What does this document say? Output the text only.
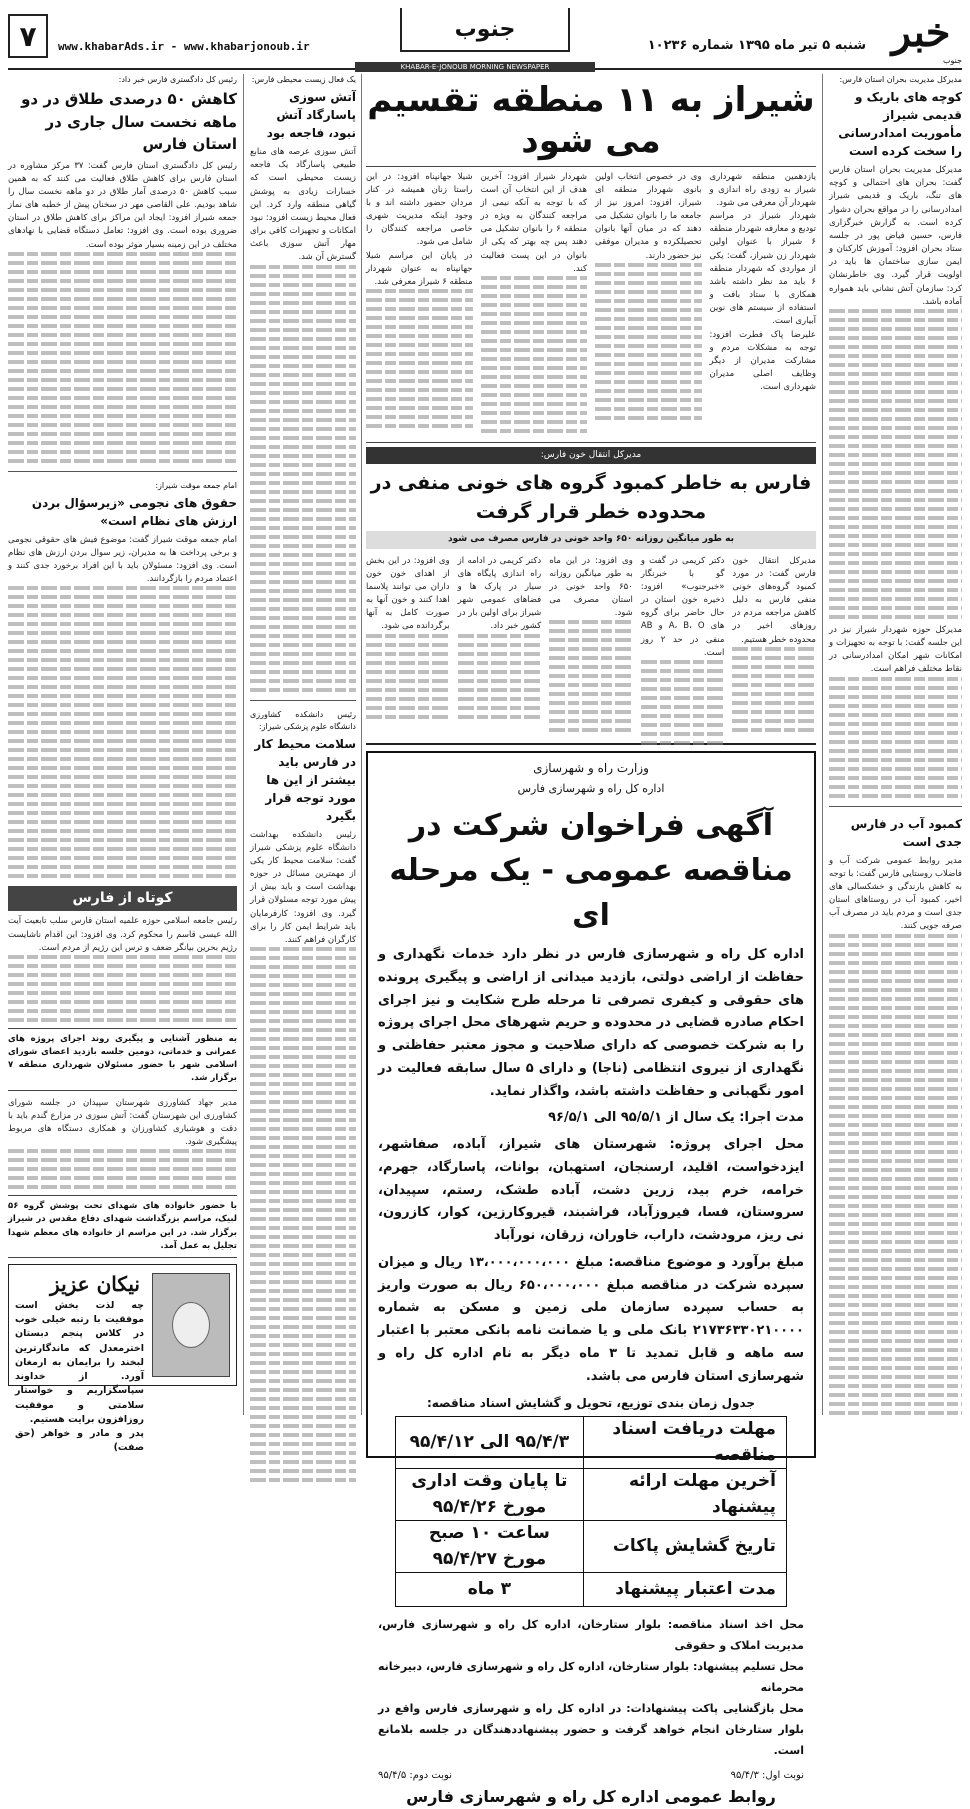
خبر
جنوب
شنبه ۵ تیر ماه ۱۳۹۵ شماره ۱۰۲۳۶
جنوب
www.khabarAds.ir - www.khabarjonoub.ir
۷
KHABAR-E-JONOUB MORNING NEWSPAPER
مدیرکل مدیریت بحران استان فارس:
کوچه های باریک و قدیمی شیراز مأموریت امدادرسانی را سخت کرده است

مدیرکل مدیریت بحران استان فارس گفت: بحران های احتمالی و کوچه های تنگ، باریک و قدیمی شیراز امدادرسانی را در مواقع بحران دشوار کرده است. به گزارش خبرگزاری فارس، حسین فیاض پور در جلسه ستاد بحران افزود: آموزش کارکنان و ایمن سازی ساختمان ها باید در اولویت قرار گیرد. وی خاطرنشان کرد: سازمان آتش نشانی باید همواره آماده باشد.

مدیرکل حوزه شهردار شیراز نیز در این جلسه گفت: با توجه به تجهیزات و امکانات شهر امکان امدادرسانی در نقاط مختلف فراهم است.

کمبود آب در فارس جدی است

مدیر روابط عمومی شرکت آب و فاضلاب روستایی فارس گفت: با توجه به کاهش بارندگی و خشکسالی های اخیر، کمبود آب در روستاهای استان جدی است و مردم باید در مصرف آب صرفه جویی کنند.

شیراز به ۱۱ منطقه تقسیم می شود

یازدهمین منطقه شهرداری شیراز به زودی راه اندازی و شهردار آن معرفی می شود.

شهردار شیراز در مراسم تودیع و معارفه شهردار منطقه ۶ شیراز با عنوان اولین شهردار زن شیراز، گفت: یکی از مواردی که شهردار منطقه ۶ باید مد نظر داشته باشد همکاری با ستاد بافت و استفاده از سیستم های نوین آبیاری است.

علیرضا پاک فطرت افزود: توجه به مشکلات مردم و مشارکت مدیران از دیگر وظایف اصلی مدیران شهرداری است.

وی در خصوص انتخاب اولین بانوی شهردار منطقه ای شیراز، افزود: امروز نیز از جامعه ما را بانوان تشکیل می دهند که در میان آنها بانوان تحصیلکرده و مدیران موفقی نیز حضور دارند.

شهردار شیراز افزود: آخرین هدف از این انتخاب آن است که با توجه به آنکه نیمی از مراجعه کنندگان به ویژه در منطقه ۶ را بانوان تشکیل می دهند پس چه بهتر که یکی از بانوان در این پست فعالیت کند.

شیلا جهانپناه افزود: در این راستا زنان همیشه در کنار مردان حضور داشته اند و با وجود اینکه مدیریت شهری خاصی مراجعه کنندگان را شامل می شود.

در پایان این مراسم شیلا جهانپناه به عنوان شهردار منطقه ۶ شیراز معرفی شد.

مدیرکل انتقال خون فارس:
فارس به خاطر کمبود گروه های خونی منفی در محدوده خطر قرار گرفت
به طور میانگین روزانه ۶۵۰ واحد خونی در فارس مصرف می شود

مدیرکل انتقال خون فارس گفت: در مورد کمبود گروه‌های خونی منفی فارس به دلیل کاهش مراجعه مردم در روزهای اخیر در محدوده خطر هستیم.

دکتر کریمی در گفت و گو با خبرنگار «خبرجنوب» افزود: ذخیره خون استان در حال حاضر برای گروه های A، B، O و AB منفی در حد ۲ روز است.

وی افزود: در این ماه به طور میانگین روزانه ۶۵۰ واحد خونی در استان مصرف می شود.

دکتر کریمی در ادامه از راه اندازی پایگاه های سیار در پارک ها و فضاهای عمومی شهر شیراز برای اولین بار در کشور خبر داد.

وی افزود: در این بخش از اهدای خون خون داران می توانند پلاسما اهدا کنند و خون آنها به صورت کامل به آنها برگردانده می شود.

وزارت راه و شهرسازی
اداره کل راه و شهرسازی فارس
آگهی فراخوان شرکت در مناقصه عمومی - یک مرحله ای

اداره کل راه و شهرسازی فارس در نظر دارد خدمات نگهداری و حفاظت از اراضی دولتی، بازدید میدانی از اراضی و پیگیری پرونده های حقوقی و کیفری تصرفی تا مرحله طرح شکایت و نیز اجرای احکام صادره قضایی در محدوده و حریم شهرهای محل اجرای پروژه را به شرکت خصوصی که دارای صلاحیت و مجوز معتبر حفاظتی و نگهداری از نیروی انتظامی (ناجا) و دارای ۵ سال سابقه فعالیت در امور نگهبانی و حفاظت داشته باشد، واگذار نماید.

مدت اجرا: یک سال از ۹۵/۵/۱ الی ۹۶/۵/۱

محل اجرای پروژه: شهرستان های شیراز، آباده، صفاشهر، ایزدخواست، اقلید، ارسنجان، استهبان، بوانات، پاسارگاد، جهرم، خرامه، خرم بید، زرین دشت، آباده طشک، رستم، سپیدان، سروستان، فسا، فیروزآباد، فراشبند، قیروکارزین، کوار، کازرون، نی ریز، مرودشت، داراب، خاوران، زرقان، نورآباد

مبلغ برآورد و موضوع مناقصه: مبلغ ۱۳،۰۰۰،۰۰۰،۰۰۰ ریال و میزان سپرده شرکت در مناقصه مبلغ ۶۵۰،۰۰۰،۰۰۰ ریال به صورت واریز به حساب سپرده سازمان ملی زمین و مسکن به شماره ۲۱۷۳۶۳۳۰۲۱۰۰۰۰ بانک ملی و یا ضمانت نامه بانکی معتبر با اعتبار سه ماهه و قابل تمدید تا ۳ ماه دیگر به نام اداره کل راه و شهرسازی استان فارس می باشد.

جدول زمان بندی توزیع، تحویل و گشایش اسناد مناقصه:
مهلت دریافت اسناد مناقصه	۹۵/۴/۳ الی ۹۵/۴/۱۲
آخرین مهلت ارائه پیشنهاد	تا پایان وقت اداری مورخ ۹۵/۴/۲۶
تاریخ گشایش پاکات	ساعت ۱۰ صبح مورخ ۹۵/۴/۲۷
مدت اعتبار پیشنهاد	۳ ماه
محل اخذ اسناد مناقصه: بلوار ستارخان، اداره کل راه و شهرسازی فارس، مدیریت املاک و حقوقی
محل تسلیم پیشنهاد: بلوار ستارخان، اداره کل راه و شهرسازی فارس، دبیرخانه محرمانه
محل بازگشایی پاکت پیشنهادات: در اداره کل راه و شهرسازی فارس واقع در بلوار ستارخان انجام خواهد گرفت و حضور پیشنهاددهندگان در جلسه بلامانع است.
نوبت اول: ۹۵/۴/۳
نوبت دوم: ۹۵/۴/۵
روابط عمومی اداره کل راه و شهرسازی فارس
یک فعال زیست محیطی فارس:
آتش سوزی پاسارگاد آتش نبود، فاجعه بود

آتش سوزی عرصه های منابع طبیعی پاسارگاد یک فاجعه زیست محیطی است که خسارات زیادی به پوشش گیاهی منطقه وارد کرد. این فعال محیط زیست افزود: نبود امکانات و تجهیزات کافی برای مهار آتش سوزی باعث گسترش آن شد.

رئیس دانشکده کشاورزی دانشگاه علوم پزشکی شیراز:
سلامت محیط کار در فارس باید بیشتر از این ها مورد توجه قرار بگیرد

رئیس دانشکده بهداشت دانشگاه علوم پزشکی شیراز گفت: سلامت محیط کار یکی از مهمترین مسائل در حوزه بهداشت است و باید بیش از پیش مورد توجه مسئولان قرار گیرد. وی افزود: کارفرمایان باید شرایط ایمن کار را برای کارگران فراهم کنند.

رئیس کل دادگستری فارس خبر داد:
کاهش ۵۰ درصدی طلاق در دو ماهه نخست سال جاری در استان فارس

رئیس کل دادگستری استان فارس گفت: ۳۷ مرکز مشاوره در استان فارس برای کاهش طلاق فعالیت می کنند که به همین سبب کاهش ۵۰ درصدی آمار طلاق در دو ماهه نخست سال را شاهد بودیم. علی القاصی مهر در سخنان پیش از خطبه های نماز جمعه شیراز افزود: ایجاد این مراکز برای کاهش طلاق در استان ضروری بوده است. وی افزود: تعامل دستگاه قضایی با نهادهای مختلف در این زمینه بسیار موثر بوده است.

امام جمعه موقت شیراز:
حقوق های نجومی «زیرسؤال بردن ارزش های نظام است»

امام جمعه موقت شیراز گفت: موضوع فیش های حقوقی نجومی و برخی پرداخت ها به مدیران، زیر سوال بردن ارزش های نظام است. وی افزود: مسئولان باید با این افراد برخورد جدی کنند و اعتماد مردم را بازگردانند.

کوتاه از فارس

رئیس جامعه اسلامی حوزه علمیه استان فارس سلب تابعیت آیت الله عیسی قاسم را محکوم کرد. وی افزود: این اقدام ناشایست رژیم بحرین بیانگر ضعف و ترس این رژیم از مردم است.

به منظور آشنایی و پیگیری روند اجرای پروژه های عمرانی و خدماتی، دومین جلسه بازدید اعضای شورای اسلامی شهر با حضور مسئولان شهرداری منطقه ۷ برگزار شد.

مدیر جهاد کشاورزی شهرستان سپیدان در جلسه شورای کشاورزی این شهرستان گفت: آتش سوزی در مزارع گندم باید با دقت و هوشیاری کشاورزان و همکاری دستگاه های مربوط پیشگیری شود.

با حضور خانواده های شهدای تحت پوشش گروه ۵۶ لبیک، مراسم بزرگداشت شهدای دفاع مقدس در شیراز برگزار شد. در این مراسم از خانواده های معظم شهدا تجلیل به عمل آمد.
نیکان عزیز
چه لذت بخش است موفقیت با رتبه خیلی خوب در کلاس پنجم دبستان اخترمعدل که ماندگارترین لبخند را برایمان به ارمغان آورد. از خداوند سپاسگزاریم و خواستار سلامتی و موفقیت روزافزون برایت هستیم.
پدر و مادر و خواهر (حق صفت)
